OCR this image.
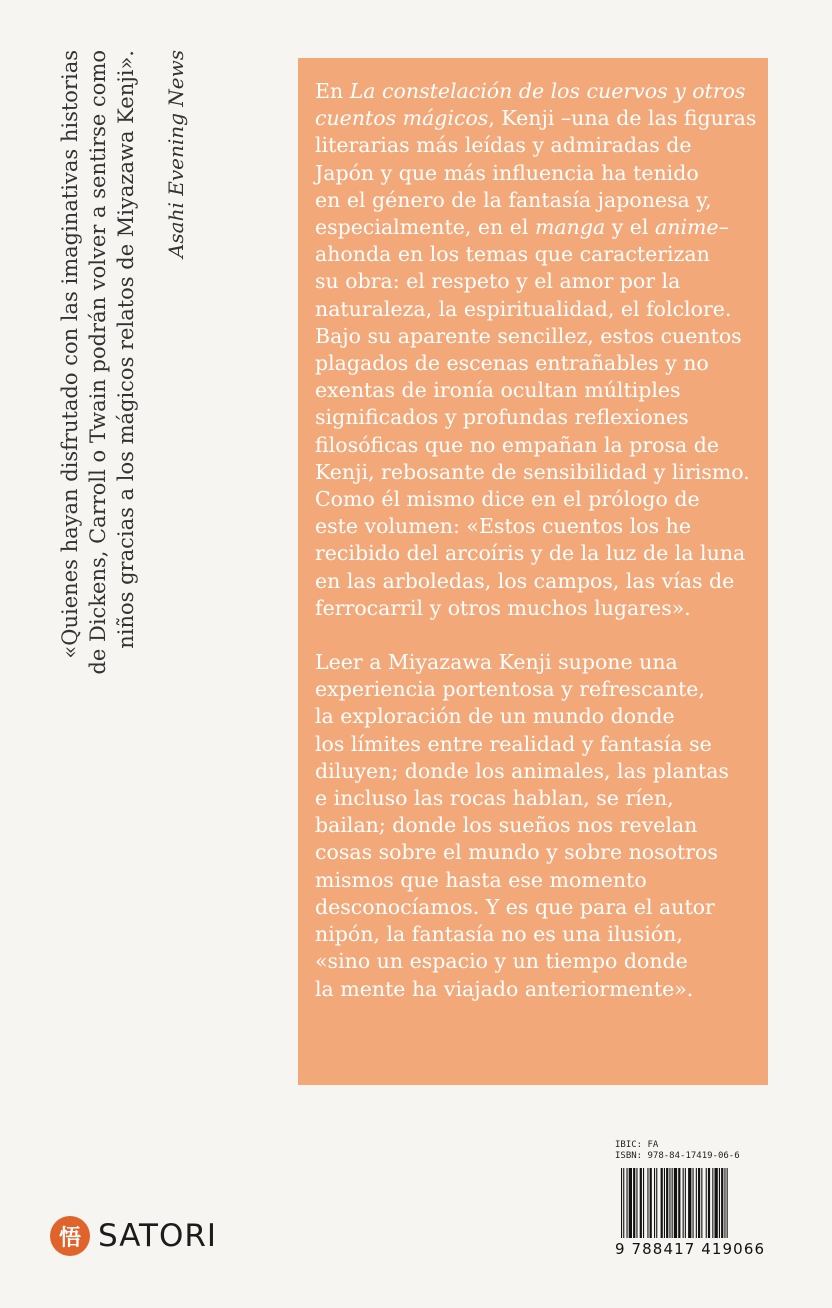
«Quienes hayan disfrutado con las imaginativas historias de Dickens, Carroll o Twain podrán volver a sentirse como niños gracias a los mágicos relatos de Miyazawa Kenji». Asahi Evening News	En La constelación de los cuervos y otros
cuentos mágicos, Kenji –una de las figuras
literarias más leídas y admiradas de
Japón y que más influencia ha tenido
en el género de la fantasía japonesa y,
especialmente, en el manga y el anime–
ahonda en los temas que caracterizan
su obra: el respeto y el amor por la
naturaleza, la espiritualidad, el folclore.
Bajo su aparente sencillez, estos cuentos
plagados de escenas entrañables y no
exentas de ironía ocultan múltiples
significados y profundas reflexiones
filosóficas que no empañan la prosa de
Kenji, rebosante de sensibilidad y lirismo.
Como él mismo dice en el prólogo de
este volumen: «Estos cuentos los he
recibido del arcoíris y de la luz de la luna
en las arboledas, los campos, las vías de
ferrocarril y otros muchos lugares».

Leer a Miyazawa Kenji supone una
experiencia portentosa y refrescante,
la exploración de un mundo donde
los límites entre realidad y fantasía se
diluyen; donde los animales, las plantas
e incluso las rocas hablan, se ríen,
bailan; donde los sueños nos revelan
cosas sobre el mundo y sobre nosotros
mismos que hasta ese momento
desconocíamos. Y es que para el autor
nipón, la fantasía no es una ilusión,
«sino un espacio y un tiempo donde
la mente ha viajado anteriormente».

悟 SATORI
IBIC: FA
ISBN: 978-84-17419-06-6
9 788417 419066
